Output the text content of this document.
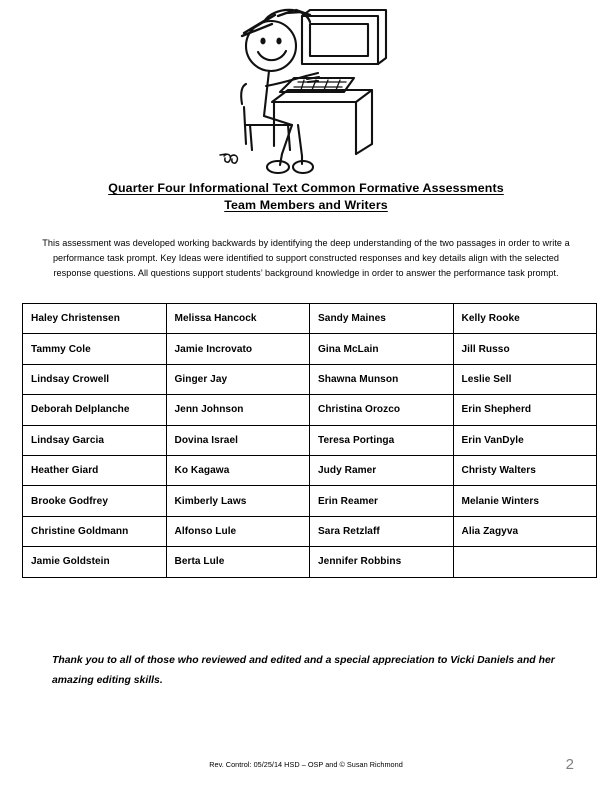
Quarter Four Informational Text Common Formative Assessments
Team Members and Writers
This assessment was developed working backwards by identifying the deep understanding of the two passages in order to write a performance task prompt. Key Ideas were identified to support constructed responses and key details align with the selected response questions. All questions support students’ background knowledge in order to answer the performance task prompt.
Haley Christensen	Melissa Hancock	Sandy Maines	Kelly Rooke
Tammy Cole	Jamie Incrovato	Gina McLain	Jill Russo
Lindsay Crowell	Ginger Jay	Shawna Munson	Leslie Sell
Deborah Delplanche	Jenn Johnson	Christina Orozco	Erin Shepherd
Lindsay Garcia	Dovina Israel	Teresa Portinga	Erin VanDyle
Heather Giard	Ko Kagawa	Judy Ramer	Christy Walters
Brooke Godfrey	Kimberly Laws	Erin Reamer	Melanie Winters
Christine Goldmann	Alfonso Lule	Sara Retzlaff	Alia Zagyva
Jamie Goldstein	Berta Lule	Jennifer Robbins	
Thank you to all of those who reviewed and edited and a special appreciation to Vicki Daniels and her amazing editing skills.
Rev. Control: 05/25/14 HSD – OSP and © Susan Richmond	2
